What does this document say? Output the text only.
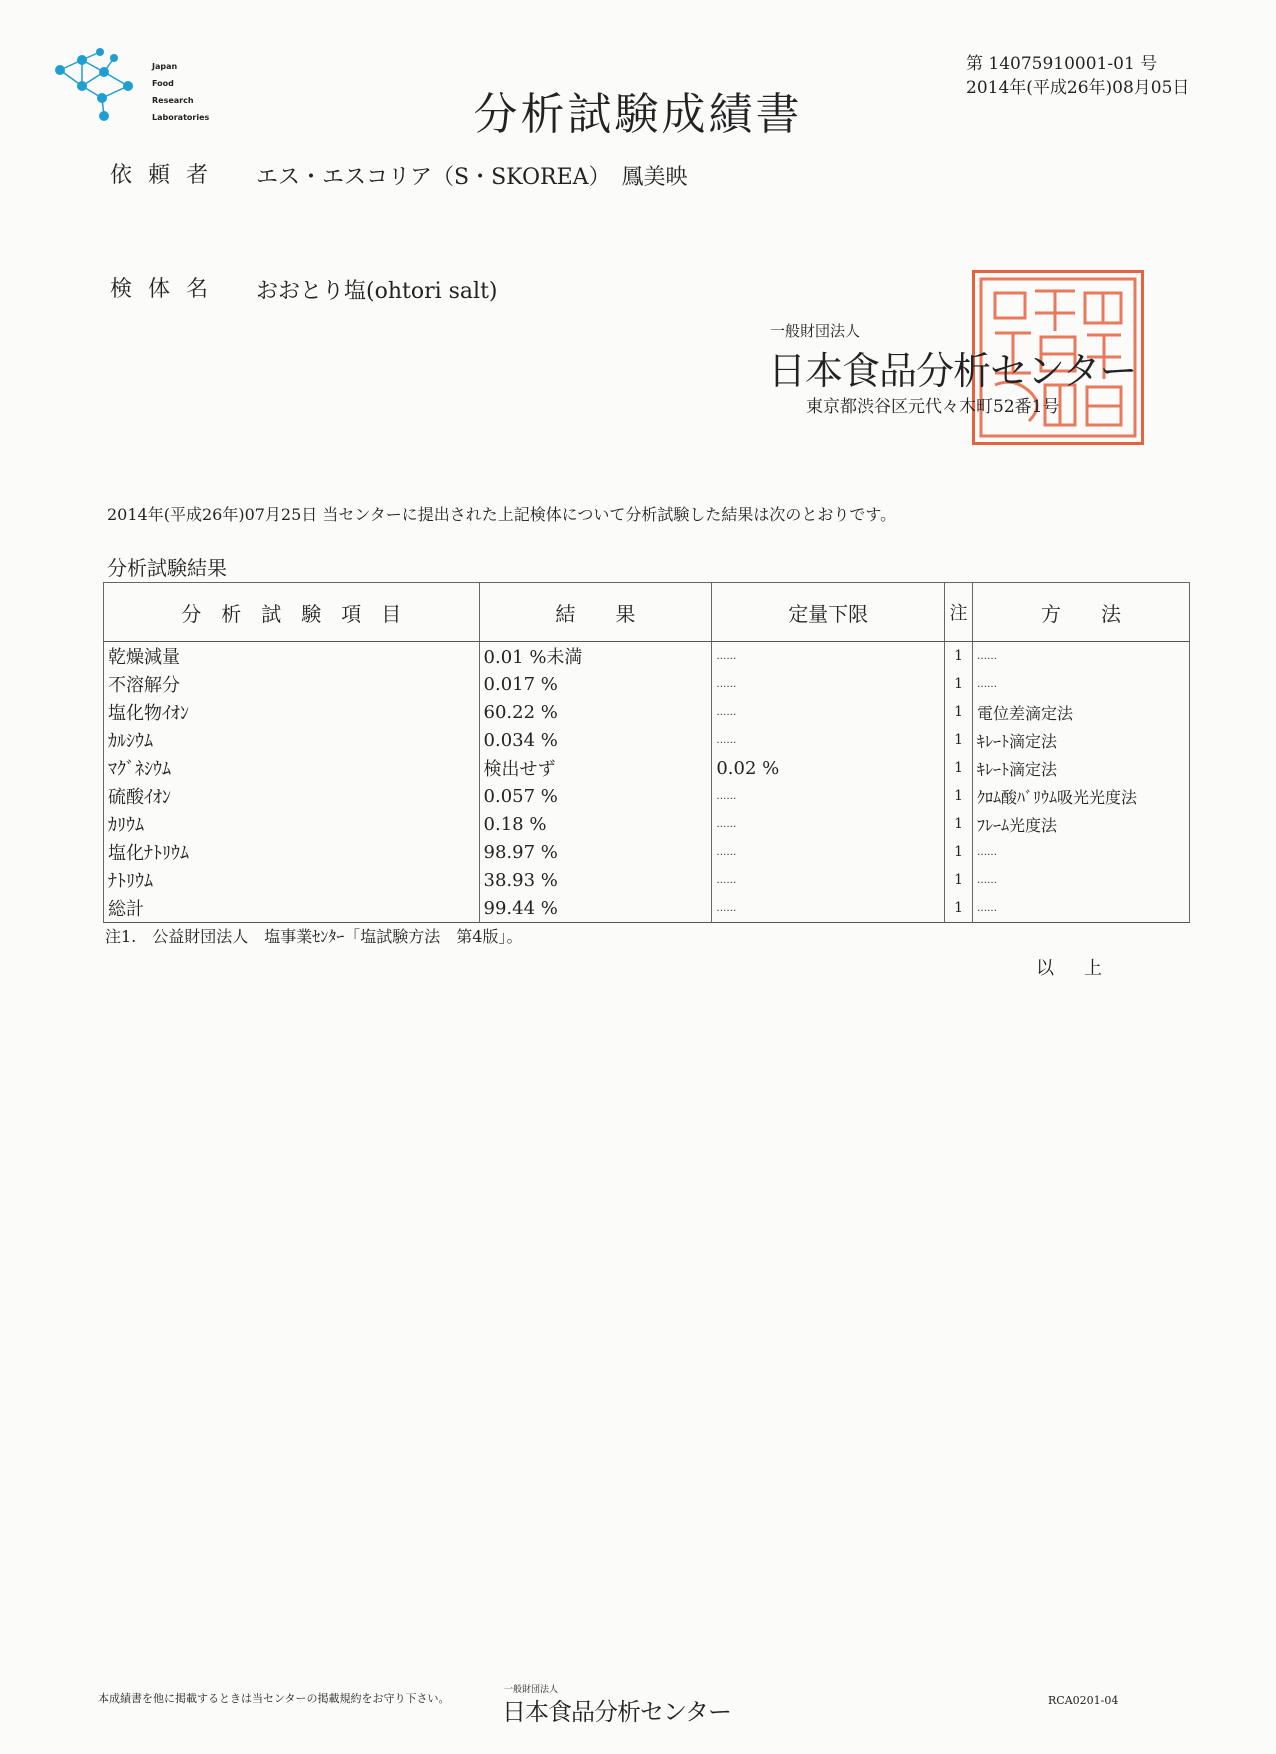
Japan
Food
Research
Laboratories	分析試験成績書
第 14075910001-01 号
2014年(平成26年)08月05日
依頼者 エス・エスコリア（S・SKOREA）　鳳美映
検体名 おおとり塩(ohtori salt)
一般財団法人
日本食品分析センター
東京都渋谷区元代々木町52番1号
2014年(平成26年)07月25日 当センターに提出された上記検体について分析試験した結果は次のとおりです。
分析試験結果
分　析　試　験　項　目	結　　果	定量下限	注	方　　法
乾燥減量	0.01 %未満	……	1	……
不溶解分	0.017 %	……	1	……
塩化物ｲｵﾝ	60.22 %	……	1	電位差滴定法
ｶﾙｼｳﾑ	0.034 %	……	1	ｷﾚｰﾄ滴定法
ﾏｸﾞﾈｼｳﾑ	検出せず	0.02 %	1	ｷﾚｰﾄ滴定法
硫酸ｲｵﾝ	0.057 %	……	1	ｸﾛﾑ酸ﾊﾞﾘｳﾑ吸光光度法
ｶﾘｳﾑ	0.18 %	……	1	ﾌﾚｰﾑ光度法
塩化ﾅﾄﾘｳﾑ	98.97 %	……	1	……
ﾅﾄﾘｳﾑ	38.93 %	……	1	……
総計	99.44 %	……	1	……
注1.　公益財団法人　塩事業ｾﾝﾀｰ「塩試験方法　第4版」。
以上
本成績書を他に掲載するときは当センターの掲載規約をお守り下さい。
一般財団法人
日本食品分析センター	RCA0201-04
